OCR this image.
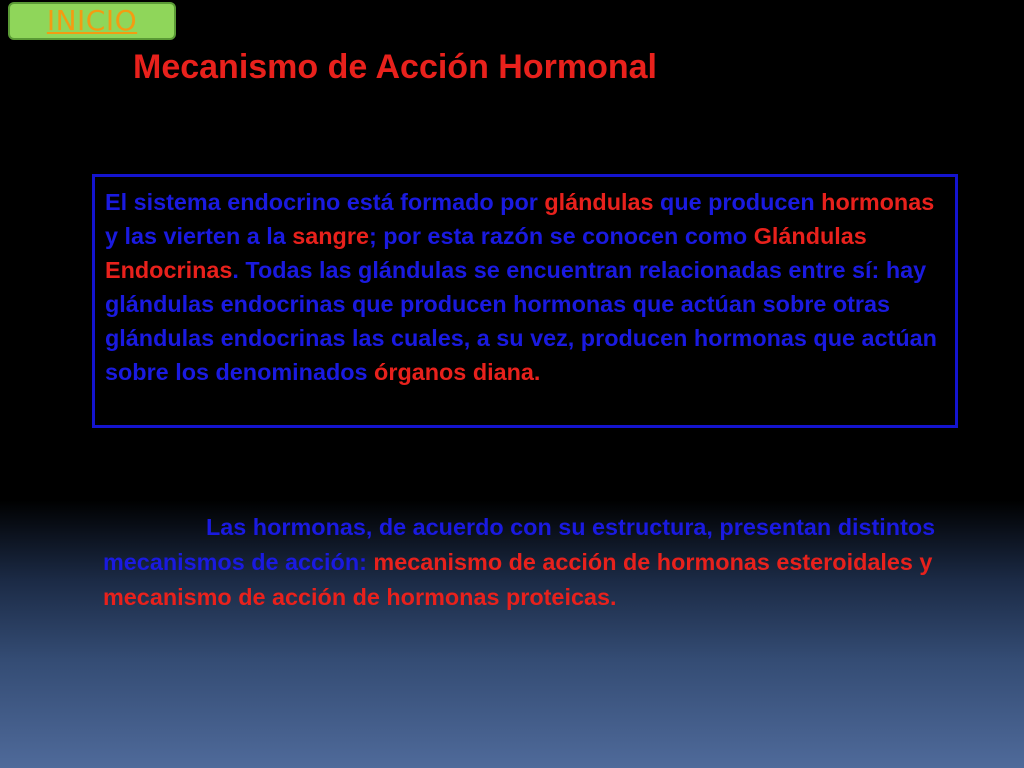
INICIO
Mecanismo de Acción Hormonal
El sistema endocrino está formado por glándulas que producen hormonas y las vierten a la sangre; por esta razón se conocen como Glándulas Endocrinas. Todas las glándulas se encuentran relacionadas entre sí: hay glándulas endocrinas que producen hormonas que actúan sobre otras glándulas endocrinas las cuales, a su vez, producen hormonas que actúan sobre los denominados órganos diana.
Las hormonas, de acuerdo con su estructura, presentan distintos mecanismos de acción: mecanismo de acción de hormonas esteroidales y mecanismo de acción de hormonas proteicas.
